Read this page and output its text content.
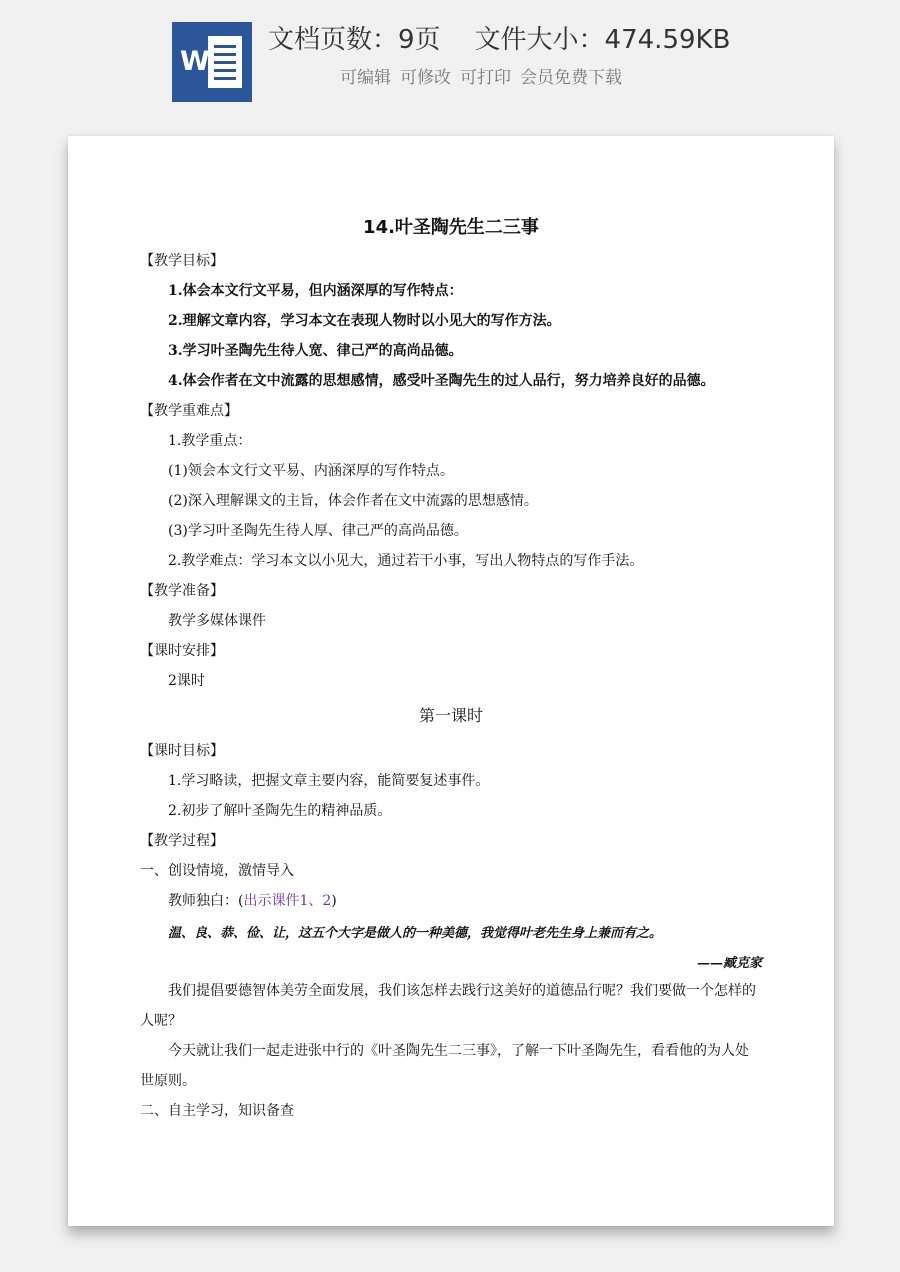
W
文档页数：9页 文件大小：474.59KB
可编辑 可修改 可打印 会员免费下载

14.叶圣陶先生二三事

【教学目标】

1.体会本文行文平易，但内涵深厚的写作特点：

2.理解文章内容，学习本文在表现人物时以小见大的写作方法。

3.学习叶圣陶先生待人宽、律己严的高尚品德。

4.体会作者在文中流露的思想感情，感受叶圣陶先生的过人品行，努力培养良好的品德。

【教学重难点】

1.教学重点：

(1)领会本文行文平易、内涵深厚的写作特点。

(2)深入理解课文的主旨，体会作者在文中流露的思想感情。

(3)学习叶圣陶先生待人厚、律己严的高尚品德。

2.教学难点：学习本文以小见大，通过若干小事，写出人物特点的写作手法。

【教学准备】

教学多媒体课件

【课时安排】

2课时

第一课时

【课时目标】

1.学习略读，把握文章主要内容，能简要复述事件。

2.初步了解叶圣陶先生的精神品质。

【教学过程】

一、创设情境，激情导入

教师独白：(出示课件1、2)

温、良、恭、俭、让，这五个大字是做人的一种美德，我觉得叶老先生身上兼而有之。

——臧克家

我们提倡要德智体美劳全面发展，我们该怎样去践行这美好的道德品行呢？我们要做一个怎样的人呢？

今天就让我们一起走进张中行的《叶圣陶先生二三事》，了解一下叶圣陶先生，看看他的为人处世原则。

二、自主学习，知识备查
